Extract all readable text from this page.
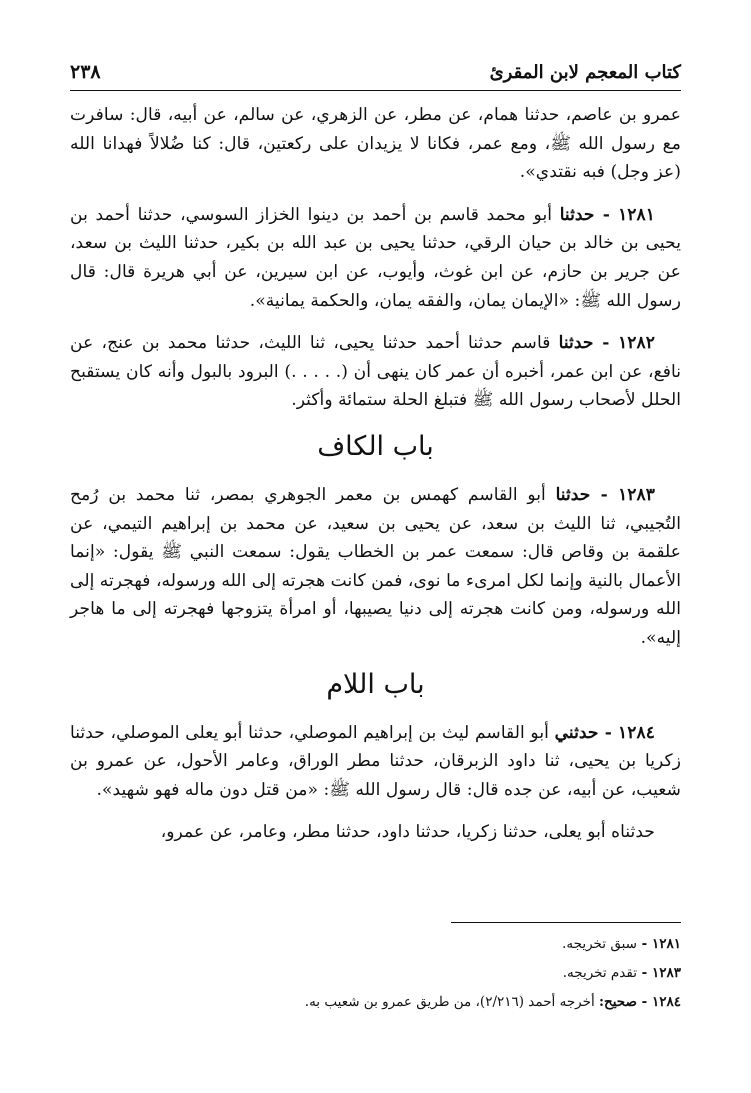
٢٣٨	كتاب المعجم لابن المقرئ

عمرو بن عاصم، حدثنا همام، عن مطر، عن الزهري، عن سالم، عن أبيه، قال: سافرت مع رسول الله ﷺ، ومع عمر، فكانا لا يزيدان على ركعتين، قال: كنا ضُلالاً فهدانا الله (عز وجل) فبه نقتدي».

١٢٨١ - حدثنا أبو محمد قاسم بن أحمد بن دينوا الخزاز السوسي، حدثنا أحمد بن يحيى بن خالد بن حيان الرقي، حدثنا يحيى بن عبد الله بن بكير، حدثنا الليث بن سعد، عن جرير بن حازم، عن ابن غوث، وأيوب، عن ابن سيرين، عن أبي هريرة قال: قال رسول الله ﷺ: «الإيمان يمان، والفقه يمان، والحكمة يمانية».

١٢٨٢ - حدثنا قاسم حدثنا أحمد حدثنا يحيى، ثنا الليث، حدثنا محمد بن عنج، عن نافع، عن ابن عمر، أخبره أن عمر كان ينهى أن (. . . . .) البرود بالبول وأنه كان يستقبح الحلل لأصحاب رسول الله ﷺ فتبلغ الحلة ستمائة وأكثر.

باب الكاف

١٢٨٣ - حدثنا أبو القاسم كهمس بن معمر الجوهري بمصر، ثنا محمد بن رُمح التُجيبي، ثنا الليث بن سعد، عن يحيى بن سعيد، عن محمد بن إبراهيم التيمي، عن علقمة بن وقاص قال: سمعت عمر بن الخطاب يقول: سمعت النبي ﷺ يقول: «إنما الأعمال بالنية وإنما لكل امرىء ما نوى، فمن كانت هجرته إلى الله ورسوله، فهجرته إلى الله ورسوله، ومن كانت هجرته إلى دنيا يصيبها، أو امرأة يتزوجها فهجرته إلى ما هاجر إليه».

باب اللام

١٢٨٤ - حدثني أبو القاسم ليث بن إبراهيم الموصلي، حدثنا أبو يعلى الموصلي، حدثنا زكريا بن يحيى، ثنا داود الزبرقان، حدثنا مطر الوراق، وعامر الأحول، عن عمرو بن شعيب، عن أبيه، عن جده قال: قال رسول الله ﷺ: «من قتل دون ماله فهو شهيد».

حدثناه أبو يعلى، حدثنا زكريا، حدثنا داود، حدثنا مطر، وعامر، عن عمرو،

١٢٨١ - سبق تخريجه.

١٢٨٣ - تقدم تخريجه.

١٢٨٤ - صحيح: أخرجه أحمد (٢/٢١٦)، من طريق عمرو بن شعيب به.
